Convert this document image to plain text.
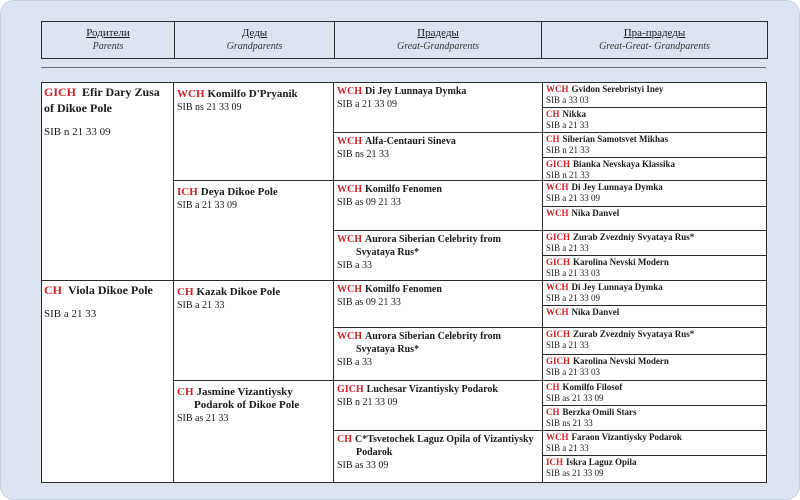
Родители
Parents
Деды
Grandparents
Прадеды
Great-Grandparents
Пра-прадеды
Great-Great- Grandparents
GICH Efir Dary Zusa of Dikoe Pole
SIB n 21 33 09
CH Viola Dikoe Pole
SIB a 21 33
WCH Komilfo D'Pryanik
SIB ns 21 33 09
ICH Deya Dikoe Pole
SIB a 21 33 09
CH Kazak Dikoe Pole
SIB a 21 33
CH Jasmine Vizantiysky Podarok of Dikoe Pole
SIB as 21 33
WCH Di Jey Lunnaya Dymka
SIB a 21 33 09
WCH Alfa-Centauri Sineva
SIB ns 21 33
WCH Komilfo Fenomen
SIB as 09 21 33
WCH Aurora Siberian Celebrity from Svyataya Rus*
SIB a 33
WCH Komilfo Fenomen
SIB as 09 21 33
WCH Aurora Siberian Celebrity from Svyataya Rus*
SIB a 33
GICH Luchesar Vizantiysky Podarok
SIB n 21 33 09
CH C*Tsvetochek Laguz Opila of Vizantiysky Podarok
SIB as 33 09
WCH Gvidon Serebristyi Iney
SIB a 33 03
CH Nikka
SIB a 21 33
CH Siberian Samotsvet Mikhas
SIB n 21 33
GICH Bianka Nevskaya Klassika
SIB n 21 33
WCH Di Jey Lunnaya Dymka
SIB a 21 33 09
WCH Nika Danvel
GICH Zurab Zvezdniy Svyataya Rus*
SIB a 21 33
GICH Karolina Nevski Modern
SIB a 21 33 03
WCH Di Jey Lunnaya Dymka
SIB a 21 33 09
WCH Nika Danvel
GICH Zurab Zvezdniy Svyataya Rus*
SIB a 21 33
GICH Karolina Nevski Modern
SIB a 21 33 03
CH Komilfo Filosof
SIB as 21 33 09
CH Berzka Omili Stars
SIB ns 21 33
WCH Faraon Vizantiysky Podarok
SIB a 21 33
ICH Iskra Laguz Opila
SIB as 21 33 09
